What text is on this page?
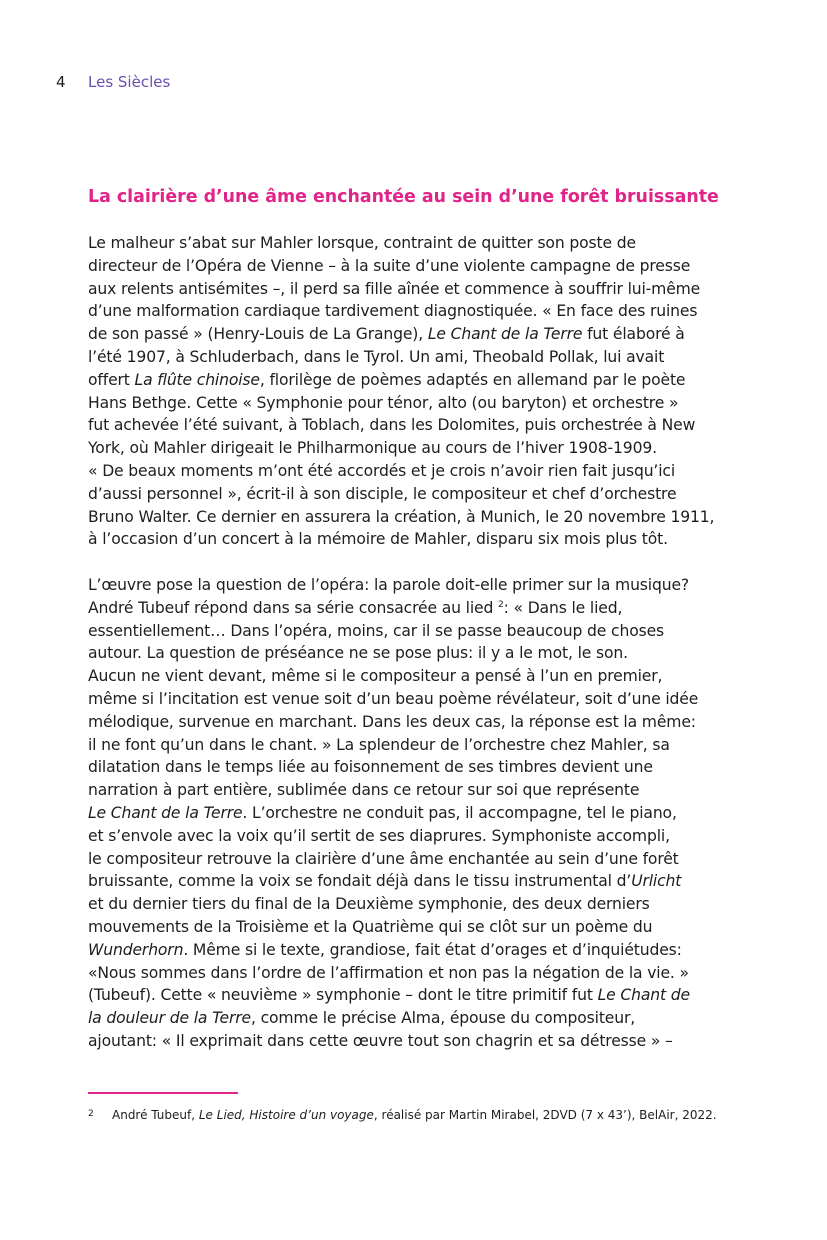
4 Les Siècles
La clairière d’une âme enchantée au sein d’une forêt bruissante
Le malheur s’abat sur Mahler lorsque, contraint de quitter son poste de
directeur de l’Opéra de Vienne – à la suite d’une violente campagne de presse
aux relents antisémites –, il perd sa fille aînée et commence à souffrir lui-même
d’une malformation cardiaque tardivement diagnostiquée. « En face des ruines
de son passé » (Henry-Louis de La Grange), Le Chant de la Terre fut élaboré à
l’été 1907, à Schluderbach, dans le Tyrol. Un ami, Theobald Pollak, lui avait
offert La flûte chinoise, florilège de poèmes adaptés en allemand par le poète
Hans Bethge. Cette « Symphonie pour ténor, alto (ou baryton) et orchestre »
fut achevée l’été suivant, à Toblach, dans les Dolomites, puis orchestrée à New
York, où Mahler dirigeait le Philharmonique au cours de l’hiver 1908-1909.
« De beaux moments m’ont été accordés et je crois n’avoir rien fait jusqu’ici
d’aussi personnel », écrit-il à son disciple, le compositeur et chef d’orchestre
Bruno Walter. Ce dernier en assurera la création, à Munich, le 20 novembre 1911,
à l’occasion d’un concert à la mémoire de Mahler, disparu six mois plus tôt.
L’œuvre pose la question de l’opéra: la parole doit-elle primer sur la musique?
André Tubeuf répond dans sa série consacrée au lied $^2$: « Dans le lied,
essentiellement… Dans l’opéra, moins, car il se passe beaucoup de choses
autour. La question de préséance ne se pose plus: il y a le mot, le son.
Aucun ne vient devant, même si le compositeur a pensé à l’un en premier,
même si l’incitation est venue soit d’un beau poème révélateur, soit d’une idée
mélodique, survenue en marchant. Dans les deux cas, la réponse est la même:
il ne font qu’un dans le chant. » La splendeur de l’orchestre chez Mahler, sa
dilatation dans le temps liée au foisonnement de ses timbres devient une
narration à part entière, sublimée dans ce retour sur soi que représente
Le Chant de la Terre. L’orchestre ne conduit pas, il accompagne, tel le piano,
et s’envole avec la voix qu’il sertit de ses diaprures. Symphoniste accompli,
le compositeur retrouve la clairière d’une âme enchantée au sein d’une forêt
bruissante, comme la voix se fondait déjà dans le tissu instrumental d’Urlicht
et du dernier tiers du final de la Deuxième symphonie, des deux derniers
mouvements de la Troisième et la Quatrième qui se clôt sur un poème du
Wunderhorn. Même si le texte, grandiose, fait état d’orages et d’inquiétudes:
«Nous sommes dans l’ordre de l’affirmation et non pas la négation de la vie. »
(Tubeuf). Cette « neuvième » symphonie – dont le titre primitif fut Le Chant de
la douleur de la Terre, comme le précise Alma, épouse du compositeur,
ajoutant: « Il exprimait dans cette œuvre tout son chagrin et sa détresse » –
2 André Tubeuf, Le Lied, Histoire d’un voyage, réalisé par Martin Mirabel, 2DVD (7 x 43’), BelAir, 2022.
